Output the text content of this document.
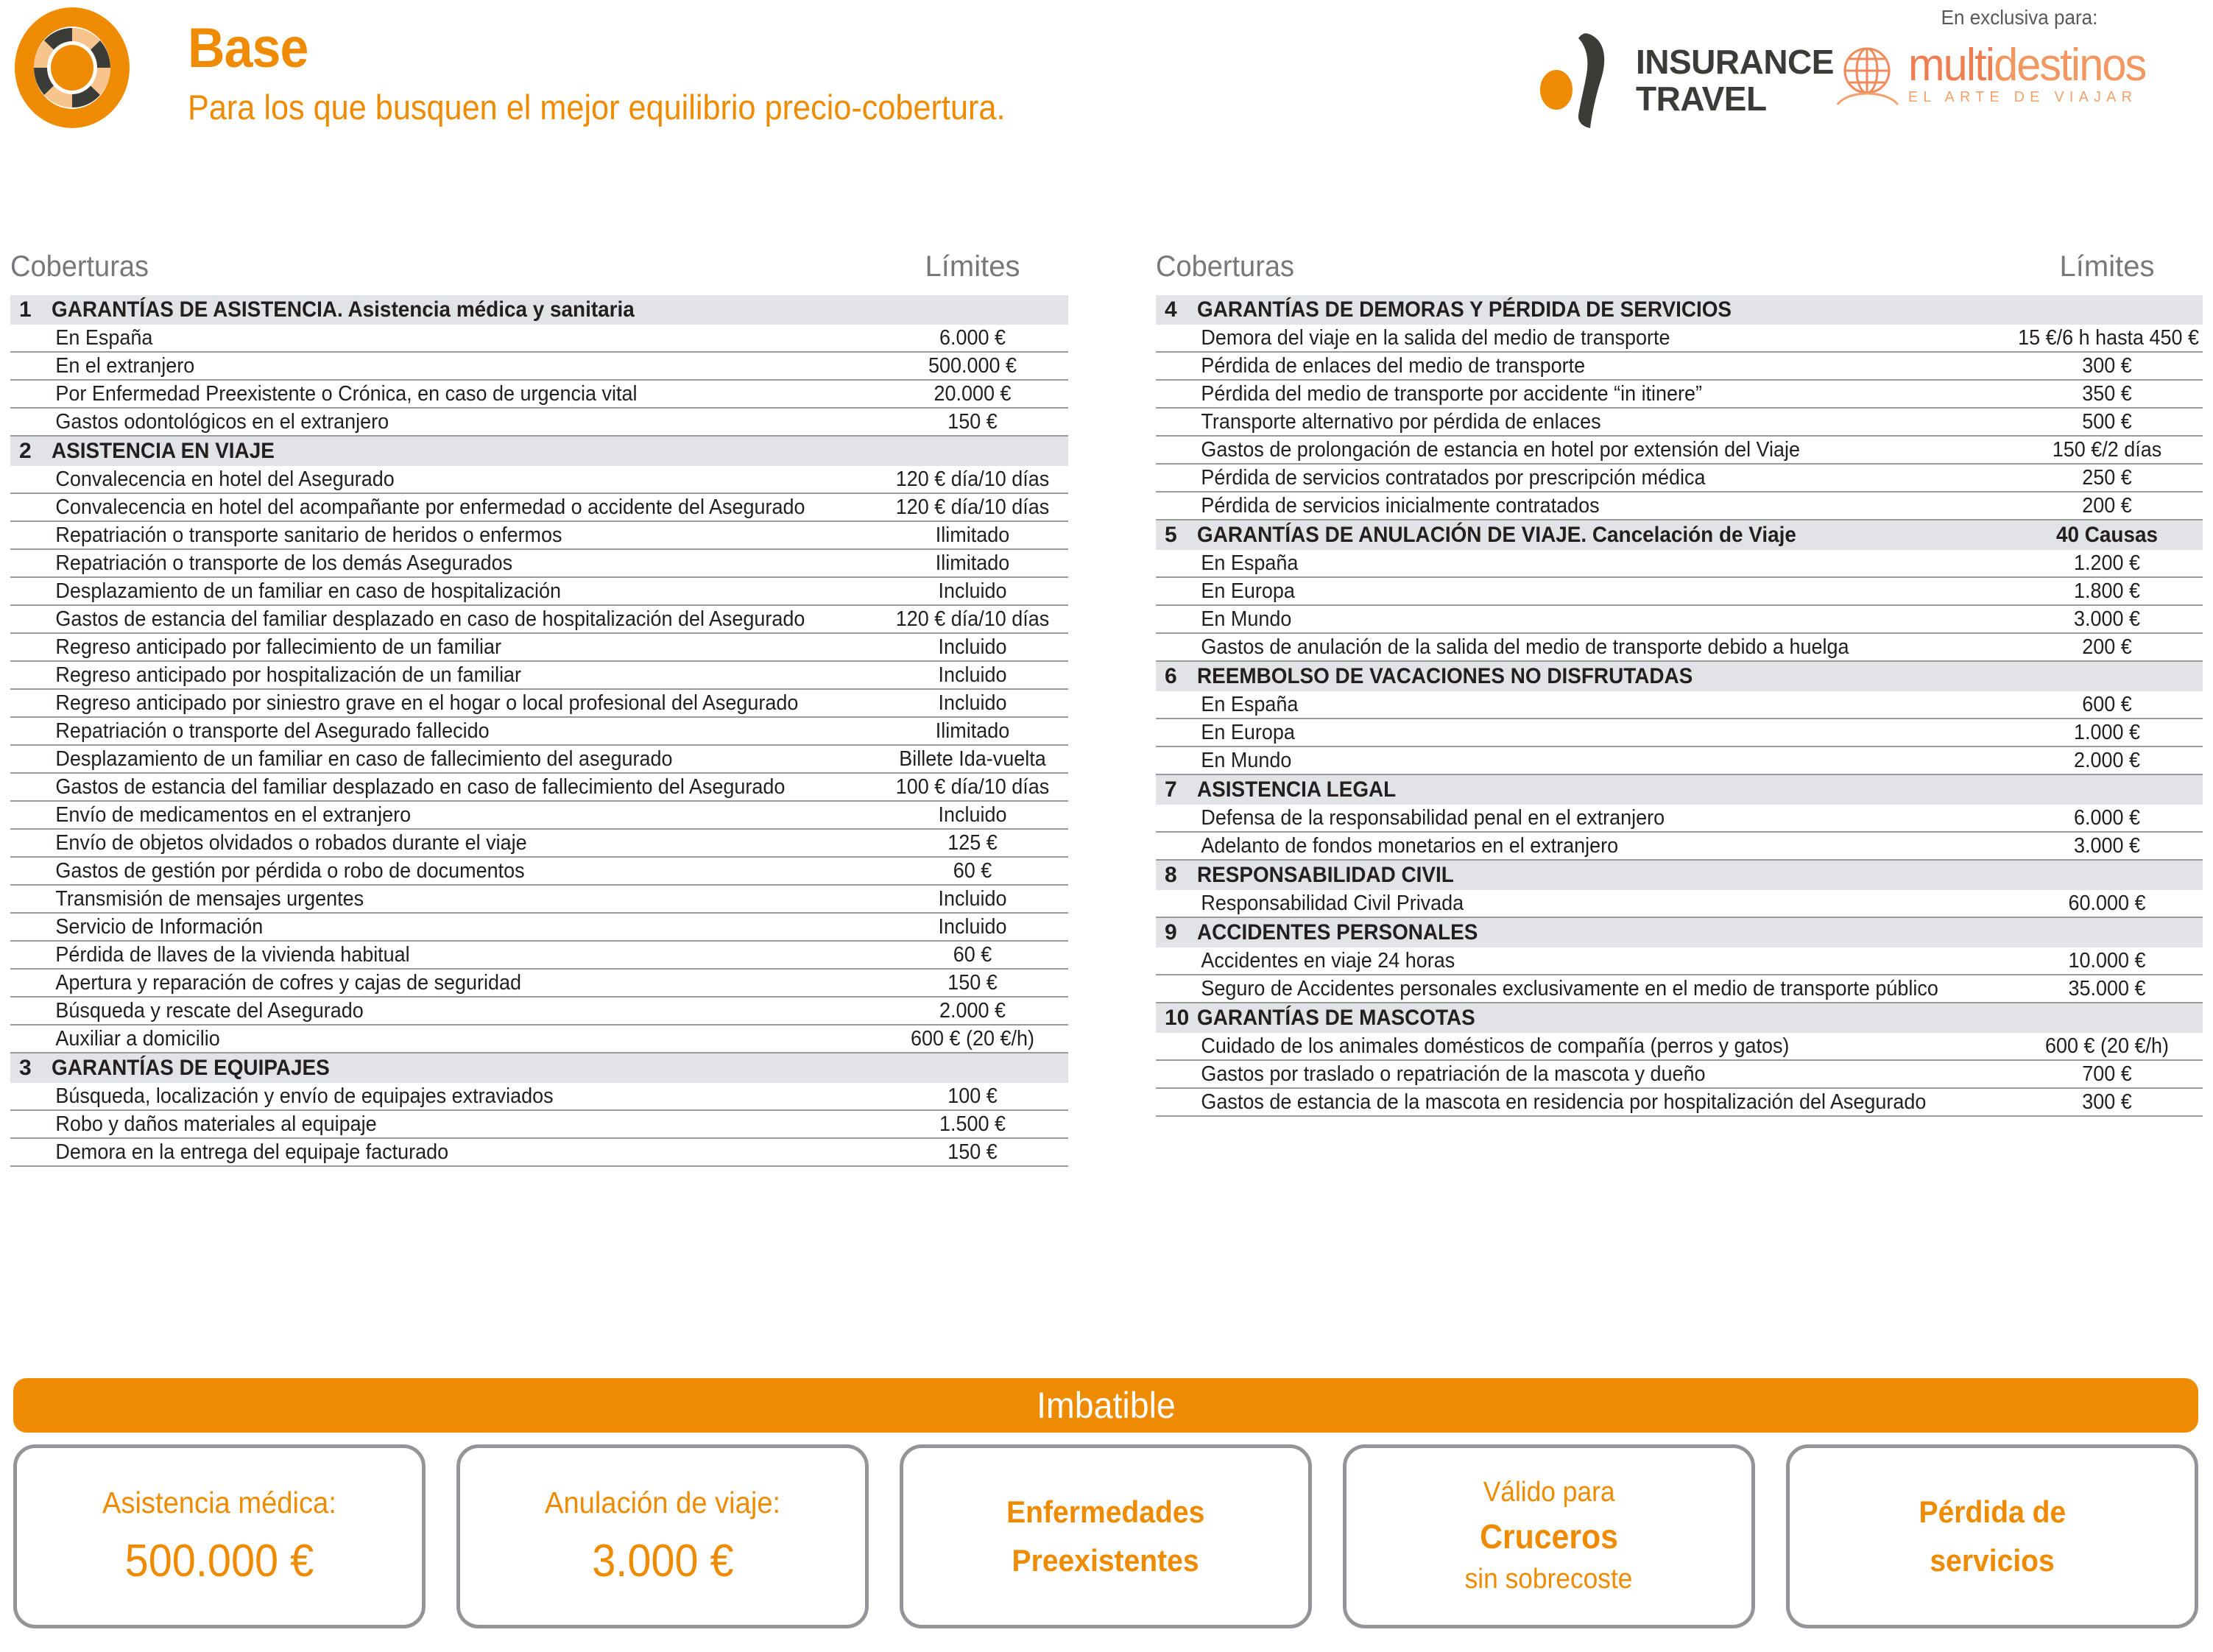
Base
Para los que busquen el mejor equilibrio precio-cobertura.
INSURANCE
TRAVEL
En exclusiva para:
multidestinos
EL ARTE DE VIAJAR
Coberturas	Límites
1 GARANTÍAS DE ASISTENCIA. Asistencia médica y sanitaria
En España	6.000 €
En el extranjero	500.000 €
Por Enfermedad Preexistente o Crónica, en caso de urgencia vital	20.000 €
Gastos odontológicos en el extranjero	150 €
2 ASISTENCIA EN VIAJE
Convalecencia en hotel del Asegurado	120 € día/10 días
Convalecencia en hotel del acompañante por enfermedad o accidente del Asegurado	120 € día/10 días
Repatriación o transporte sanitario de heridos o enfermos	Ilimitado
Repatriación o transporte de los demás Asegurados	Ilimitado
Desplazamiento de un familiar en caso de hospitalización	Incluido
Gastos de estancia del familiar desplazado en caso de hospitalización del Asegurado	120 € día/10 días
Regreso anticipado por fallecimiento de un familiar	Incluido
Regreso anticipado por hospitalización de un familiar	Incluido
Regreso anticipado por siniestro grave en el hogar o local profesional del Asegurado	Incluido
Repatriación o transporte del Asegurado fallecido	Ilimitado
Desplazamiento de un familiar en caso de fallecimiento del asegurado	Billete Ida-vuelta
Gastos de estancia del familiar desplazado en caso de fallecimiento del Asegurado	100 € día/10 días
Envío de medicamentos en el extranjero	Incluido
Envío de objetos olvidados o robados durante el viaje	125 €
Gastos de gestión por pérdida o robo de documentos	60 €
Transmisión de mensajes urgentes	Incluido
Servicio de Información	Incluido
Pérdida de llaves de la vivienda habitual	60 €
Apertura y reparación de cofres y cajas de seguridad	150 €
Búsqueda y rescate del Asegurado	2.000 €
Auxiliar a domicilio	600 € (20 €/h)
3 GARANTÍAS DE EQUIPAJES
Búsqueda, localización y envío de equipajes extraviados	100 €
Robo y daños materiales al equipaje	1.500 €
Demora en la entrega del equipaje facturado	150 €
Coberturas	Límites
4 GARANTÍAS DE DEMORAS Y PÉRDIDA DE SERVICIOS
Demora del viaje en la salida del medio de transporte	15 €/6 h hasta 450 €
Pérdida de enlaces del medio de transporte	300 €
Pérdida del medio de transporte por accidente “in itinere”	350 €
Transporte alternativo por pérdida de enlaces	500 €
Gastos de prolongación de estancia en hotel por extensión del Viaje	150 €/2 días
Pérdida de servicios contratados por prescripción médica	250 €
Pérdida de servicios inicialmente contratados	200 €
5 GARANTÍAS DE ANULACIÓN DE VIAJE. Cancelación de Viaje	40 Causas
En España	1.200 €
En Europa	1.800 €
En Mundo	3.000 €
Gastos de anulación de la salida del medio de transporte debido a huelga	200 €
6 REEMBOLSO DE VACACIONES NO DISFRUTADAS
En España	600 €
En Europa	1.000 €
En Mundo	2.000 €
7 ASISTENCIA LEGAL
Defensa de la responsabilidad penal en el extranjero	6.000 €
Adelanto de fondos monetarios en el extranjero	3.000 €
8 RESPONSABILIDAD CIVIL
Responsabilidad Civil Privada	60.000 €
9 ACCIDENTES PERSONALES
Accidentes en viaje 24 horas	10.000 €
Seguro de Accidentes personales exclusivamente en el medio de transporte público	35.000 €
10 GARANTÍAS DE MASCOTAS
Cuidado de los animales domésticos de compañía (perros y gatos)	600 € (20 €/h)
Gastos por traslado o repatriación de la mascota y dueño	700 €
Gastos de estancia de la mascota en residencia por hospitalización del Asegurado	300 €
Imbatible
Asistencia médica:
500.000 €
Anulación de viaje:
3.000 €
Enfermedades
Preexistentes
Válido para
Cruceros
sin sobrecoste
Pérdida de
servicios
